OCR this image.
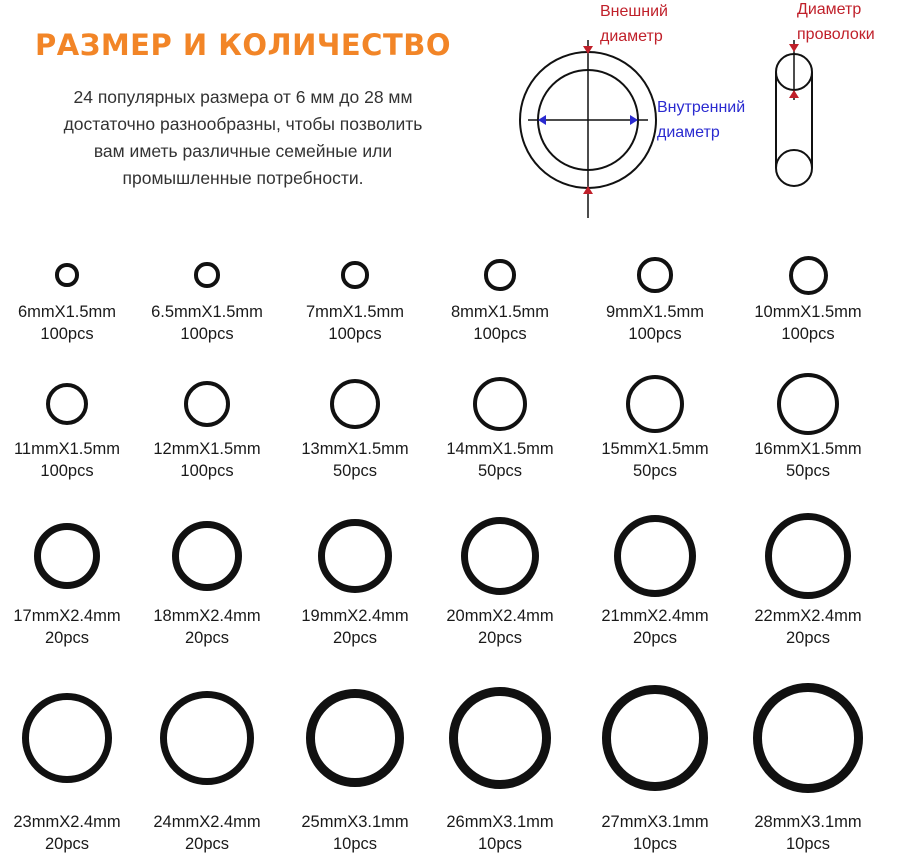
РАЗМЕР И КОЛИЧЕСТВО
24 популярных размера от 6 мм до 28 мм
достаточно разнообразны, чтобы позволить
вам иметь различные семейные или
промышленные потребности.
Внешний
диаметр
Внутренний
диаметр
Диаметр
проволоки
6mmX1.5mm
100pcs
6.5mmX1.5mm
100pcs
7mmX1.5mm
100pcs
8mmX1.5mm
100pcs
9mmX1.5mm
100pcs
10mmX1.5mm
100pcs
11mmX1.5mm
100pcs
12mmX1.5mm
100pcs
13mmX1.5mm
50pcs
14mmX1.5mm
50pcs
15mmX1.5mm
50pcs
16mmX1.5mm
50pcs
17mmX2.4mm
20pcs
18mmX2.4mm
20pcs
19mmX2.4mm
20pcs
20mmX2.4mm
20pcs
21mmX2.4mm
20pcs
22mmX2.4mm
20pcs
23mmX2.4mm
20pcs
24mmX2.4mm
20pcs
25mmX3.1mm
10pcs
26mmX3.1mm
10pcs
27mmX3.1mm
10pcs
28mmX3.1mm
10pcs
